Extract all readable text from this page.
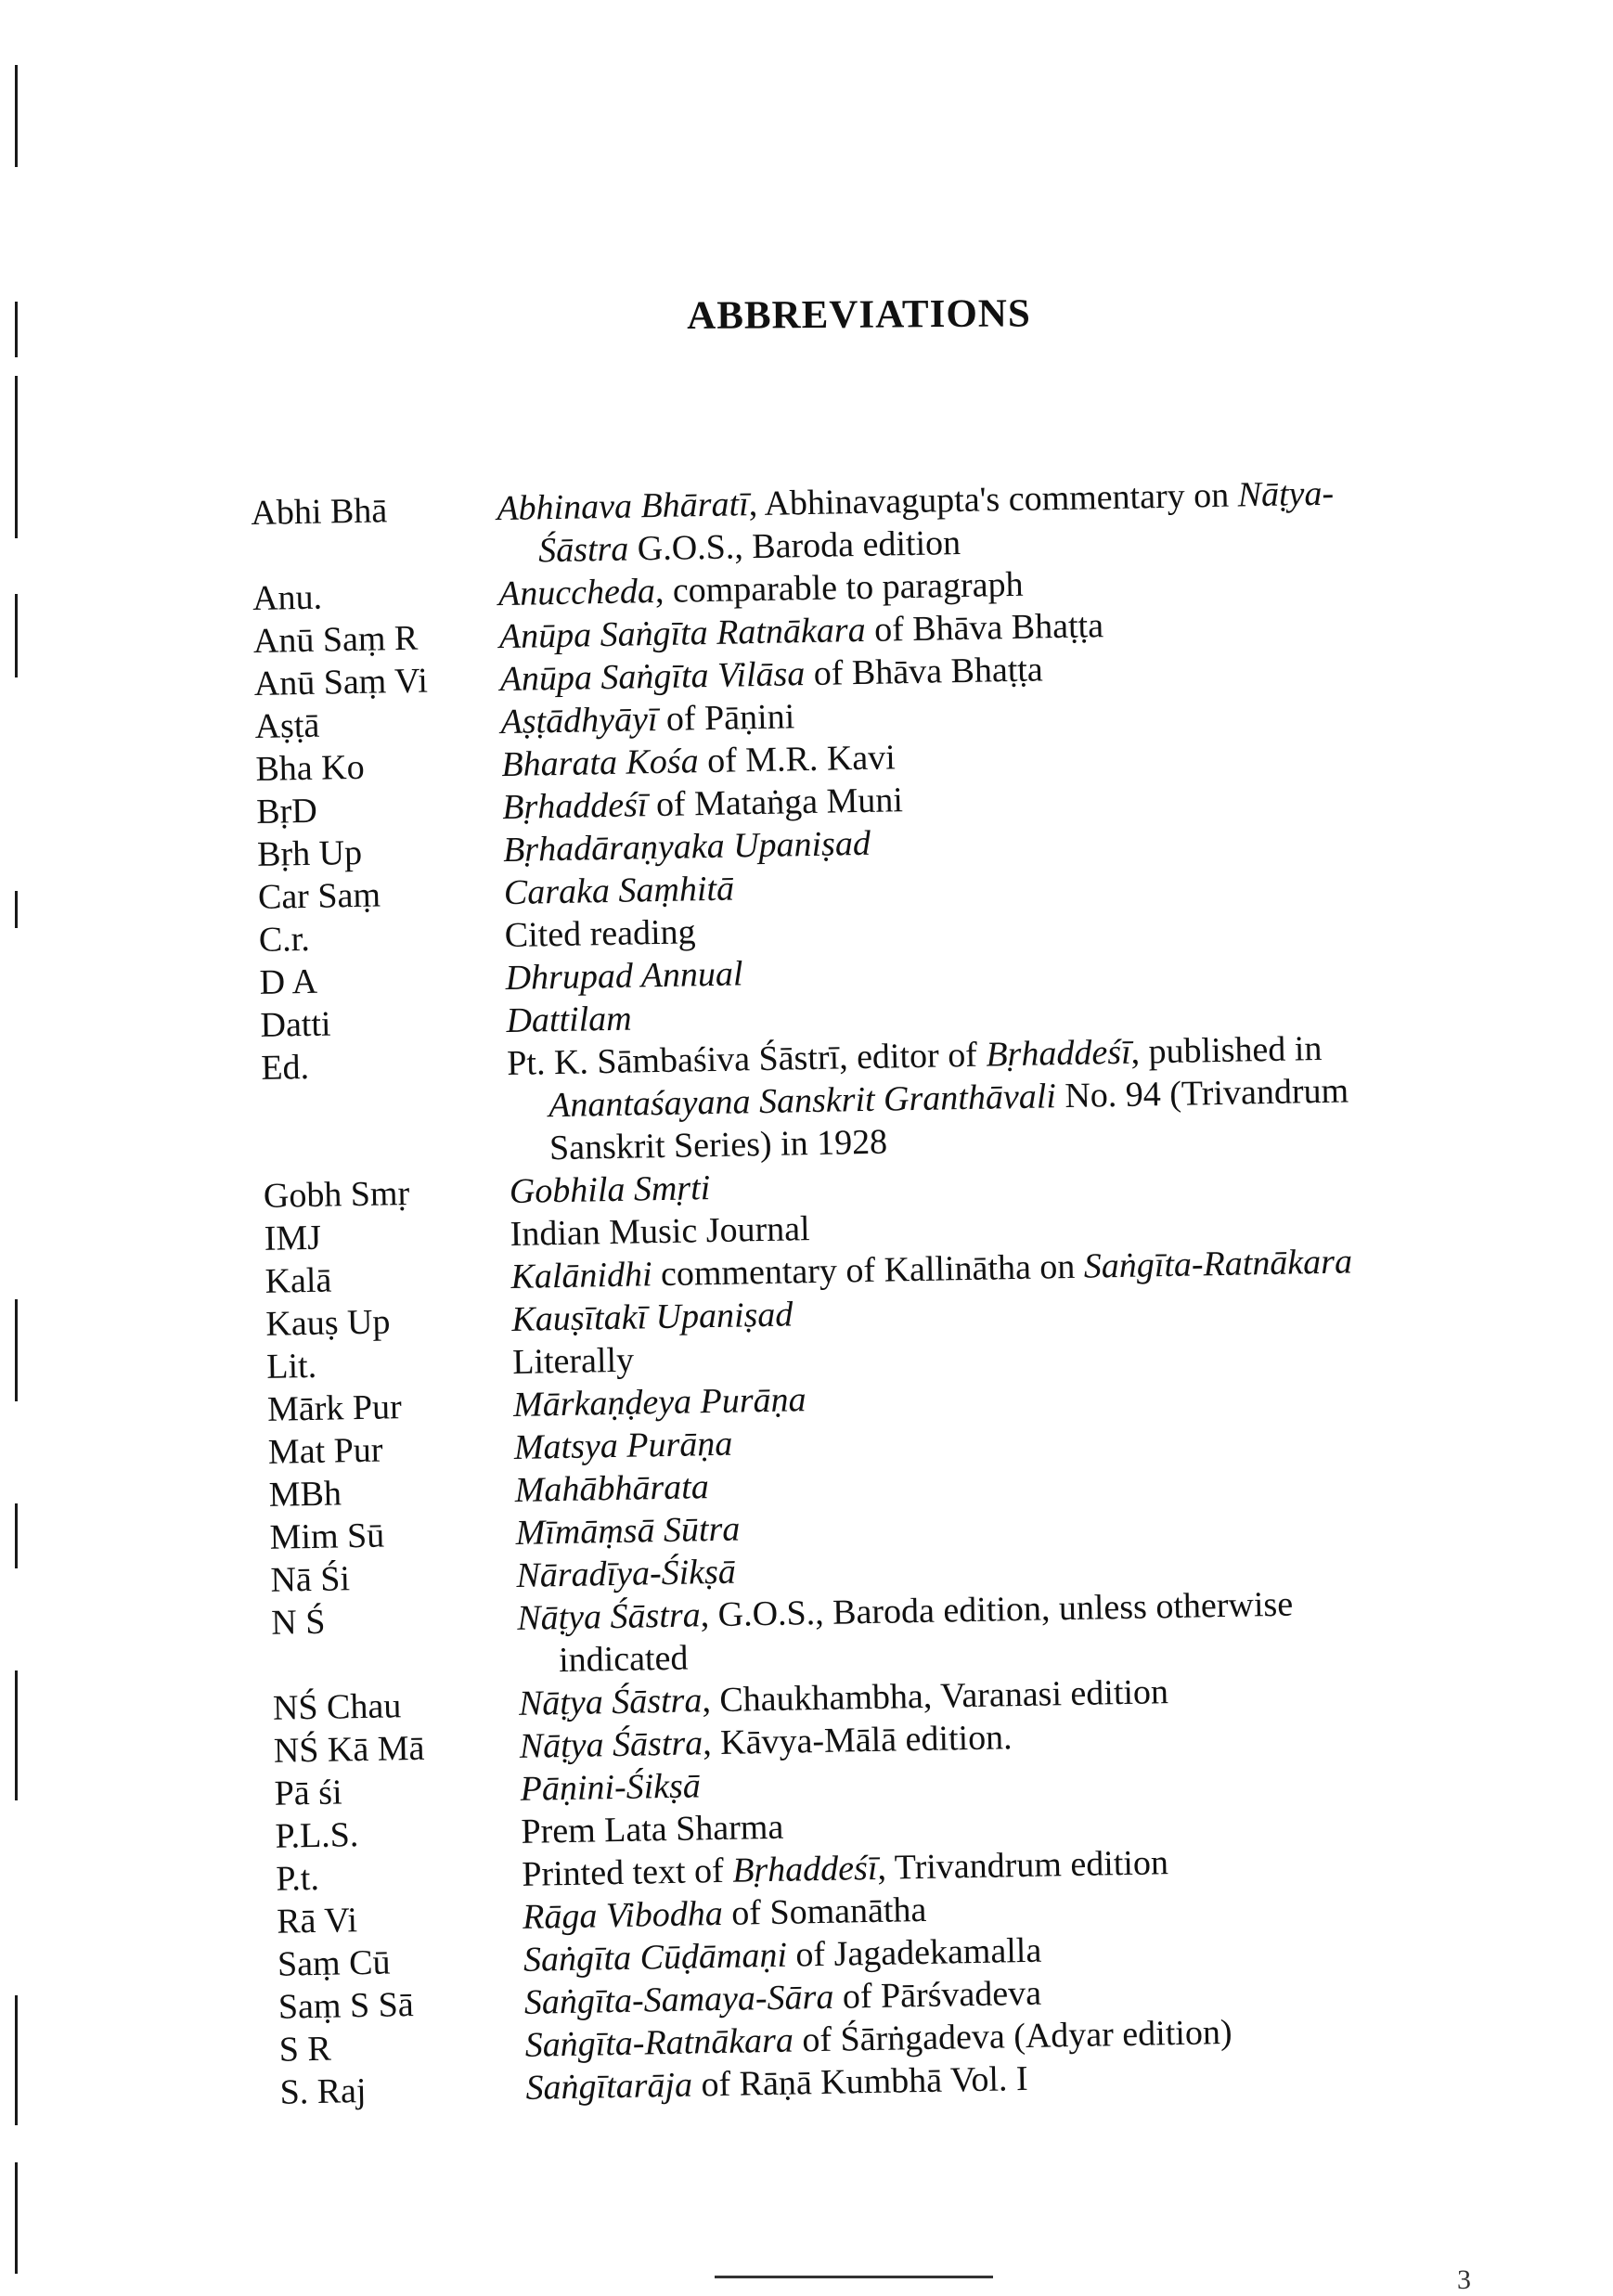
ABBREVIATIONS
Abhi Bhā	Abhinava Bhāratī, Abhinavagupta's commentary on Nāṭya-
Śāstra G.O.S., Baroda edition
Anu.	Anuccheda, comparable to paragraph
Anū Saṃ R	Anūpa Saṅgīta Ratnākara of Bhāva Bhaṭṭa
Anū Saṃ Vi	Anūpa Saṅgīta Vilāsa of Bhāva Bhaṭṭa
Aṣṭā	Aṣṭādhyāyī of Pāṇini
Bha Ko	Bharata Kośa of M.R. Kavi
BṛD	Bṛhaddeśī of Mataṅga Muni
Bṛh Up	Bṛhadāraṇyaka Upaniṣad
Car Saṃ	Caraka Saṃhitā
C.r.	Cited reading
D A	Dhrupad Annual
Datti	Dattilam
Ed.	Pt. K. Sāmbaśiva Śāstrī, editor of Bṛhaddeśī, published in
Anantaśayana Sanskrit Granthāvali No. 94 (Trivandrum
Sanskrit Series) in 1928
Gobh Smṛ	Gobhila Smṛti
IMJ	Indian Music Journal
Kalā	Kalānidhi commentary of Kallinātha on Saṅgīta-Ratnākara
Kauṣ Up	Kauṣītakī Upaniṣad
Lit.	Literally
Mārk Pur	Mārkaṇḍeya Purāṇa
Mat Pur	Matsya Purāṇa
MBh	Mahābhārata
Mim Sū	Mīmāṃsā Sūtra
Nā Śi	Nāradīya-Śikṣā
N Ś	Nāṭya Śāstra, G.O.S., Baroda edition, unless otherwise
indicated
NŚ Chau	Nāṭya Śāstra, Chaukhambha, Varanasi edition
NŚ Kā Mā	Nāṭya Śāstra, Kāvya-Mālā edition.
Pā śi	Pāṇini-Śikṣā
P.L.S.	Prem Lata Sharma
P.t.	Printed text of Bṛhaddeśī, Trivandrum edition
Rā Vi	Rāga Vibodha of Somanātha
Saṃ Cū	Saṅgīta Cūḍāmaṇi of Jagadekamalla
Saṃ S Sā	Saṅgīta-Samaya-Sāra of Pārśvadeva
S R	Saṅgīta-Ratnākara of Śārṅgadeva (Adyar edition)
S. Raj	Saṅgītarāja of Rāṇā Kumbhā Vol. I
3
